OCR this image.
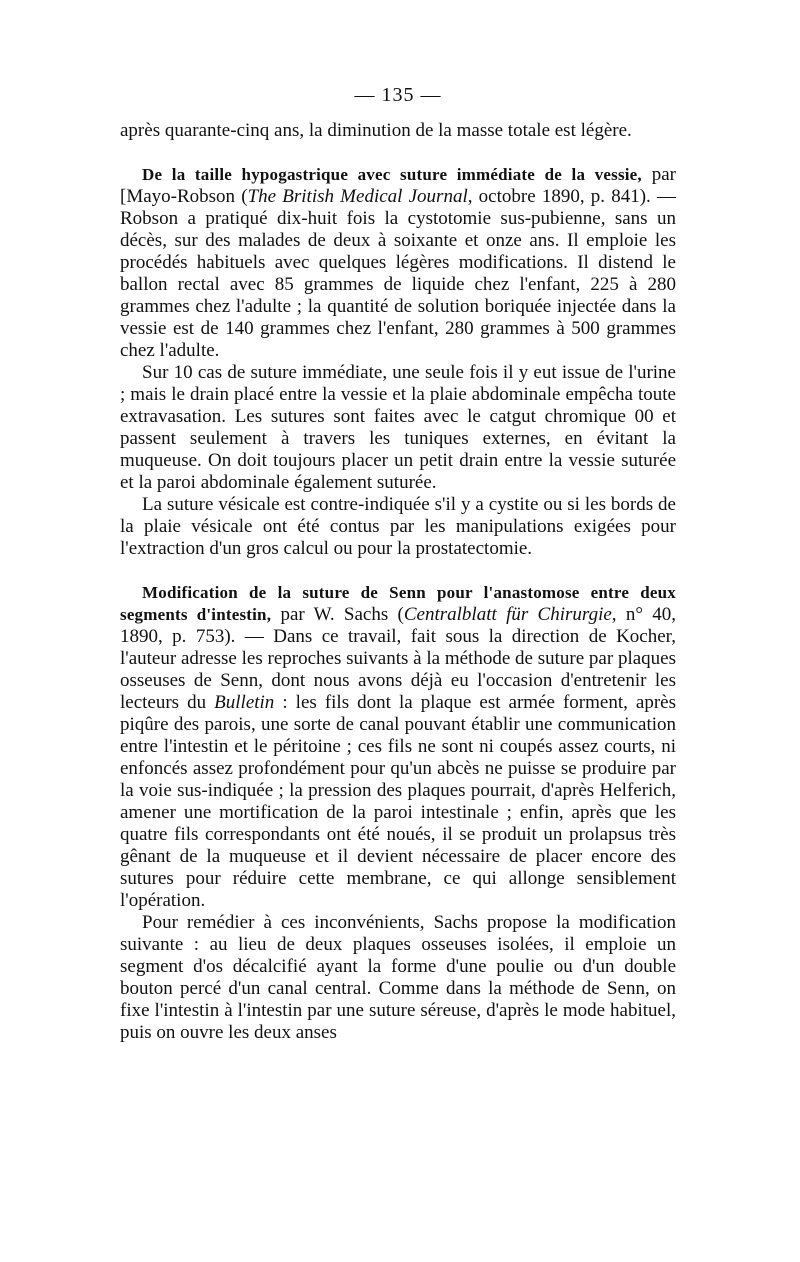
— 135 —

après quarante-cinq ans, la diminution de la masse totale est légère.

De la taille hypogastrique avec suture immédiate de la vessie, par [Mayo-Robson (The British Medical Journal, octobre 1890, p. 841). — Robson a pratiqué dix-huit fois la cystotomie sus-pubienne, sans un décès, sur des malades de deux à soixante et onze ans. Il emploie les procédés habituels avec quelques légères modifications. Il distend le ballon rectal avec 85 grammes de liquide chez l'enfant, 225 à 280 grammes chez l'adulte ; la quantité de solution boriquée injectée dans la vessie est de 140 grammes chez l'enfant, 280 grammes à 500 grammes chez l'adulte.

Sur 10 cas de suture immédiate, une seule fois il y eut issue de l'urine ; mais le drain placé entre la vessie et la plaie abdominale empêcha toute extravasation. Les sutures sont faites avec le catgut chromique 00 et passent seulement à travers les tuniques externes, en évitant la muqueuse. On doit toujours placer un petit drain entre la vessie suturée et la paroi abdominale également suturée.

La suture vésicale est contre-indiquée s'il y a cystite ou si les bords de la plaie vésicale ont été contus par les manipulations exigées pour l'extraction d'un gros calcul ou pour la prostatectomie.

Modification de la suture de Senn pour l'anastomose entre deux segments d'intestin, par W. Sachs (Centralblatt für Chirurgie, n° 40, 1890, p. 753). — Dans ce travail, fait sous la direction de Kocher, l'auteur adresse les reproches suivants à la méthode de suture par plaques osseuses de Senn, dont nous avons déjà eu l'occasion d'entretenir les lecteurs du Bulletin : les fils dont la plaque est armée forment, après piqûre des parois, une sorte de canal pouvant établir une communication entre l'intestin et le péritoine ; ces fils ne sont ni coupés assez courts, ni enfoncés assez profondément pour qu'un abcès ne puisse se produire par la voie sus-indiquée ; la pression des plaques pourrait, d'après Helferich, amener une mortification de la paroi intestinale ; enfin, après que les quatre fils correspondants ont été noués, il se produit un prolapsus très gênant de la muqueuse et il devient nécessaire de placer encore des sutures pour réduire cette membrane, ce qui allonge sensiblement l'opération.

Pour remédier à ces inconvénients, Sachs propose la modification suivante : au lieu de deux plaques osseuses isolées, il emploie un segment d'os décalcifié ayant la forme d'une poulie ou d'un double bouton percé d'un canal central. Comme dans la méthode de Senn, on fixe l'intestin à l'intestin par une suture séreuse, d'après le mode habituel, puis on ouvre les deux anses
